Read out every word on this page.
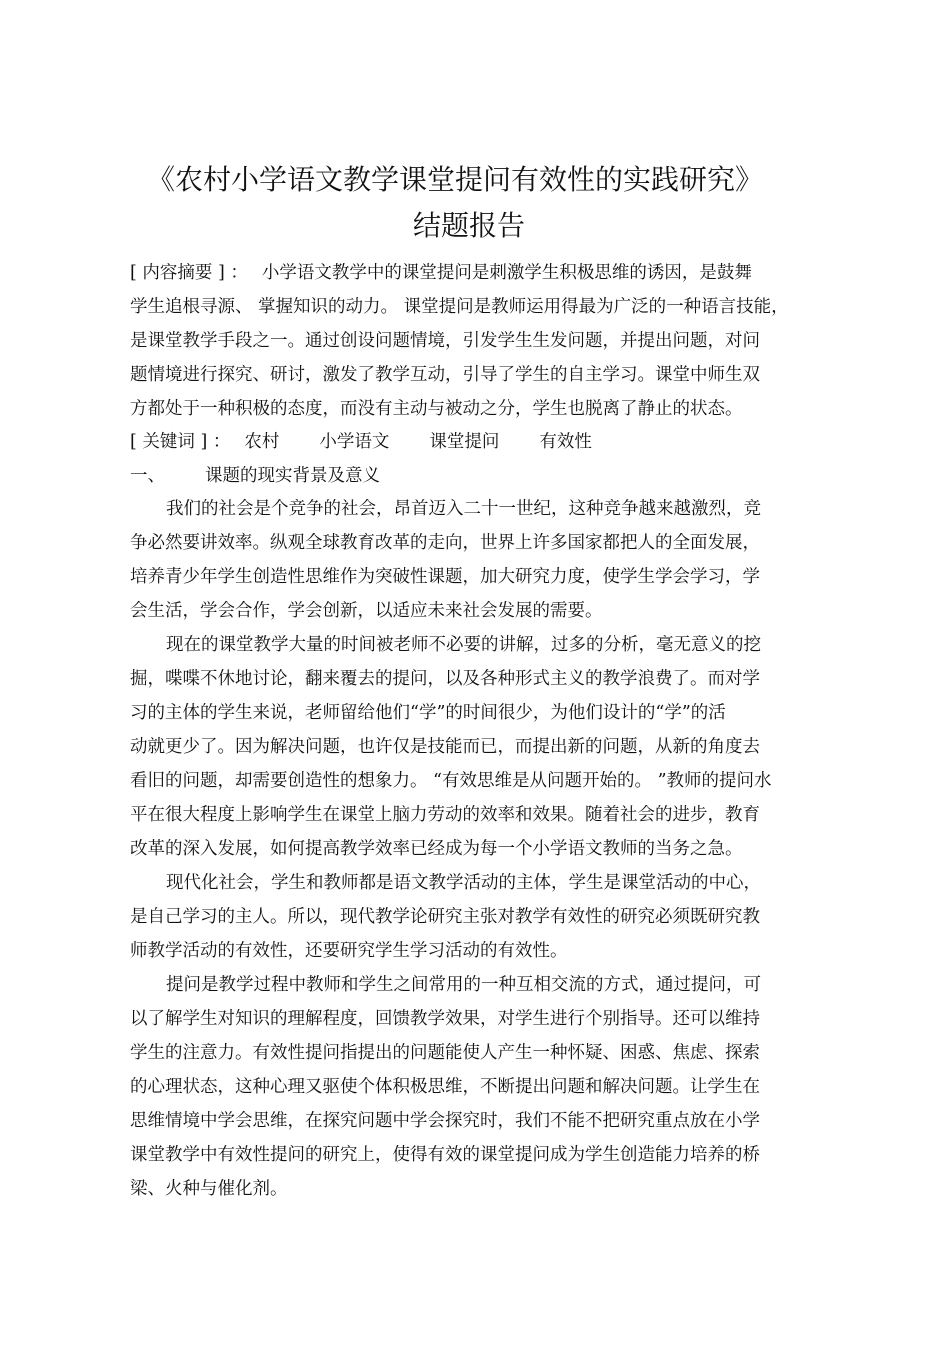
《农村小学语文教学课堂提问有效性的实践研究》
结题报告
[ 内容摘要 ] ： 小学语文教学中的课堂提问是刺激学生积极思维的诱因，是鼓舞
学生追根寻源、 掌握知识的动力。 课堂提问是教师运用得最为广泛的一种语言技能，
是课堂教学手段之一。通过创设问题情境，引发学生生发问题，并提出问题，对问
题情境进行探究、研讨，激发了教学互动，引导了学生的自主学习。课堂中师生双
方都处于一种积极的态度，而没有主动与被动之分，学生也脱离了静止的状态。
[ 关键词 ] ： 农村 小学语文 课堂提问 有效性
一、 课题的现实背景及意义
我们的社会是个竞争的社会，昂首迈入二十一世纪，这种竞争越来越激烈，竞
争必然要讲效率。纵观全球教育改革的走向，世界上许多国家都把人的全面发展，
培养青少年学生创造性思维作为突破性课题，加大研究力度，使学生学会学习，学
会生活，学会合作，学会创新，以适应未来社会发展的需要。
现在的课堂教学大量的时间被老师不必要的讲解，过多的分析，毫无意义的挖
掘，喋喋不休地讨论，翻来覆去的提问，以及各种形式主义的教学浪费了。而对学
习的主体的学生来说，老师留给他们“学”的时间很少，为他们设计的“学”的活
动就更少了。因为解决问题，也许仅是技能而已，而提出新的问题，从新的角度去
看旧的问题，却需要创造性的想象力。 “有效思维是从问题开始的。 ”教师的提问水
平在很大程度上影响学生在课堂上脑力劳动的效率和效果。随着社会的进步，教育
改革的深入发展，如何提高教学效率已经成为每一个小学语文教师的当务之急。
现代化社会，学生和教师都是语文教学活动的主体，学生是课堂活动的中心，
是自己学习的主人。所以，现代教学论研究主张对教学有效性的研究必须既研究教
师教学活动的有效性，还要研究学生学习活动的有效性。
提问是教学过程中教师和学生之间常用的一种互相交流的方式，通过提问，可
以了解学生对知识的理解程度，回馈教学效果，对学生进行个别指导。还可以维持
学生的注意力。有效性提问指提出的问题能使人产生一种怀疑、困惑、焦虑、探索
的心理状态，这种心理又驱使个体积极思维，不断提出问题和解决问题。让学生在
思维情境中学会思维，在探究问题中学会探究时，我们不能不把研究重点放在小学
课堂教学中有效性提问的研究上，使得有效的课堂提问成为学生创造能力培养的桥
梁、火种与催化剂。
